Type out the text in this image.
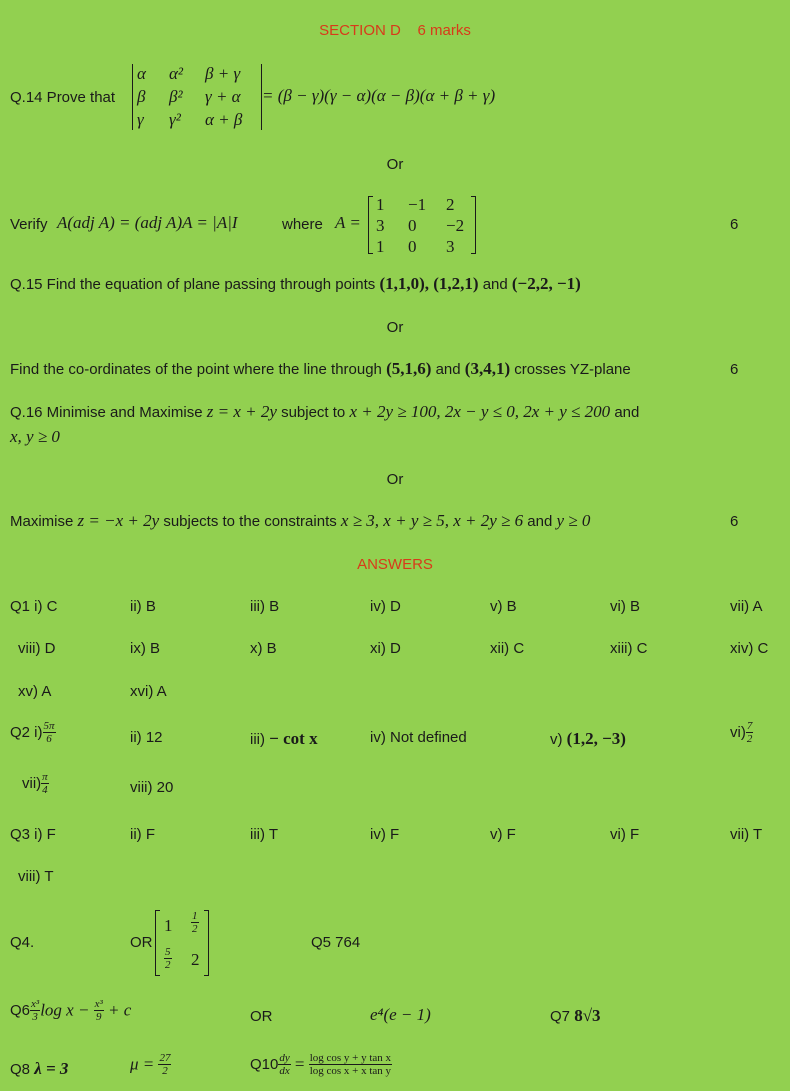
SECTION D    6 marks
Q.14 Prove that
α	α²	β + γ
β	β²	γ + α
γ	γ²	α + β
= (β − γ)(γ − α)(α − β)(α + β + γ)
Or
Verify A(adj A) = (adj A)A = |A|I	where A =
1	−1	2
3	0	−2
1	0	3
6
Q.15 Find the equation of plane passing through points (1,1,0), (1,2,1) and (−2,2, −1)
Or
Find the co-ordinates of the point where the line through (5,1,6) and (3,4,1) crosses YZ-plane	6
Q.16 Minimise and Maximise z = x + 2y subject to x + 2y ≥ 100, 2x − y ≤ 0, 2x + y ≤ 200 and
x, y ≥ 0
Or
Maximise z = −x + 2y subjects to the constraints x ≥ 3, x + y ≥ 5, x + 2y ≥ 6 and y ≥ 0	6
ANSWERS
Q1 i) C	ii) B	iii) B	iv) D	v) B	vi) B	vii) A
viii) D	ix) B	x) B	xi) D	xii) C	xiii) C	xiv) C
xv) A	xvi) A
Q2 $i) \frac{5\pi}{6}$	ii) 12	iii) − cot x	iv) Not defined	v) (1,2, −3)	$vi) \frac{7}{2}$
$vii) \frac{\pi}{4}$	viii) 20
Q3 i) F	ii) F	iii) T	iv) F	v) F	vi) F	vii) T
viii) T
Q4.	OR
$1 \frac{1}{2}$
$\frac{5}{2} 2$
Q5 764
$Q6 \frac{\text{x³}}{3}$ $\log x - \frac{\text{x³}}{9} + c$	OR	e⁴(e − 1)	Q7 8√3
Q8 λ = 3	$\mu = \frac{27}{2}$	$Q10 \frac{dy}{dx} = \frac{\text{log cos y + y tan x}}{\text{log cos x + x tan y}}$
